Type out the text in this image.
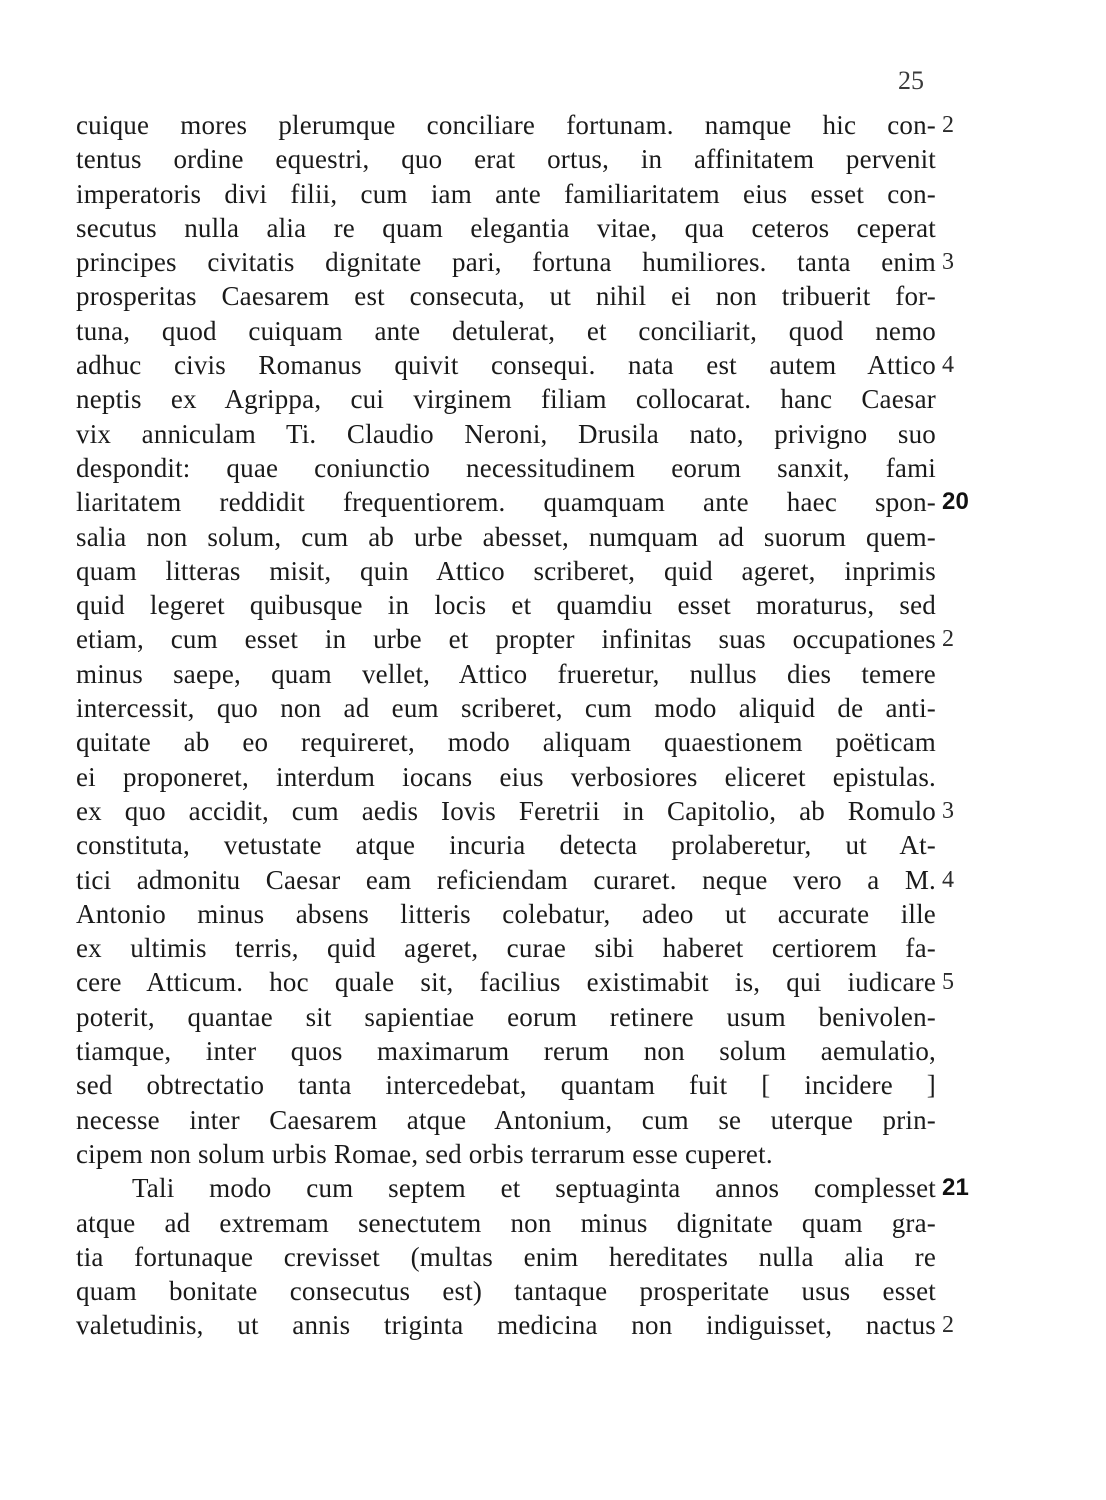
25
cuique mores plerumque conciliare fortunam. namque hic con- 2
tentus ordine equestri, quo erat ortus, in affinitatem pervenit
imperatoris divi filii, cum iam ante familiaritatem eius esset con-
secutus nulla alia re quam elegantia vitae, qua ceteros ceperat
principes civitatis dignitate pari, fortuna humiliores. tanta enim 3
prosperitas Caesarem est consecuta, ut nihil ei non tribuerit for-
tuna, quod cuiquam ante detulerat, et conciliarit, quod nemo
adhuc civis Romanus quivit consequi. nata est autem Attico 4
neptis ex Agrippa, cui virginem filiam collocarat. hanc Caesar
vix anniculam Ti. Claudio Neroni, Drusila nato, privigno suo
despondit: quae coniunctio necessitudinem eorum sanxit, fami
liaritatem reddidit frequentiorem. quamquam ante haec spon- 20
salia non solum, cum ab urbe abesset, numquam ad suorum quem-
quam litteras misit, quin Attico scriberet, quid ageret, inprimis
quid legeret quibusque in locis et quamdiu esset moraturus, sed
etiam, cum esset in urbe et propter infinitas suas occupationes 2
minus saepe, quam vellet, Attico frueretur, nullus dies temere
intercessit, quo non ad eum scriberet, cum modo aliquid de anti-
quitate ab eo requireret, modo aliquam quaestionem poëticam
ei proponeret, interdum iocans eius verbosiores eliceret epistulas.
ex quo accidit, cum aedis Iovis Feretrii in Capitolio, ab Romulo 3
constituta, vetustate atque incuria detecta prolaberetur, ut At-
tici admonitu Caesar eam reficiendam curaret. neque vero a M. 4
Antonio minus absens litteris colebatur, adeo ut accurate ille
ex ultimis terris, quid ageret, curae sibi haberet certiorem fa-
cere Atticum. hoc quale sit, facilius existimabit is, qui iudicare 5
poterit, quantae sit sapientiae eorum retinere usum benivolen-
tiamque, inter quos maximarum rerum non solum aemulatio,
sed obtrectatio tanta intercedebat, quantam fuit [ incidere ]
necesse inter Caesarem atque Antonium, cum se uterque prin-
cipem non solum urbis Romae, sed orbis terrarum esse cuperet.
Tali modo cum septem et septuaginta annos complesset 21
atque ad extremam senectutem non minus dignitate quam gra-
tia fortunaque crevisset (multas enim hereditates nulla alia re
quam bonitate consecutus est) tantaque prosperitate usus esset
valetudinis, ut annis triginta medicina non indiguisset, nactus 2
